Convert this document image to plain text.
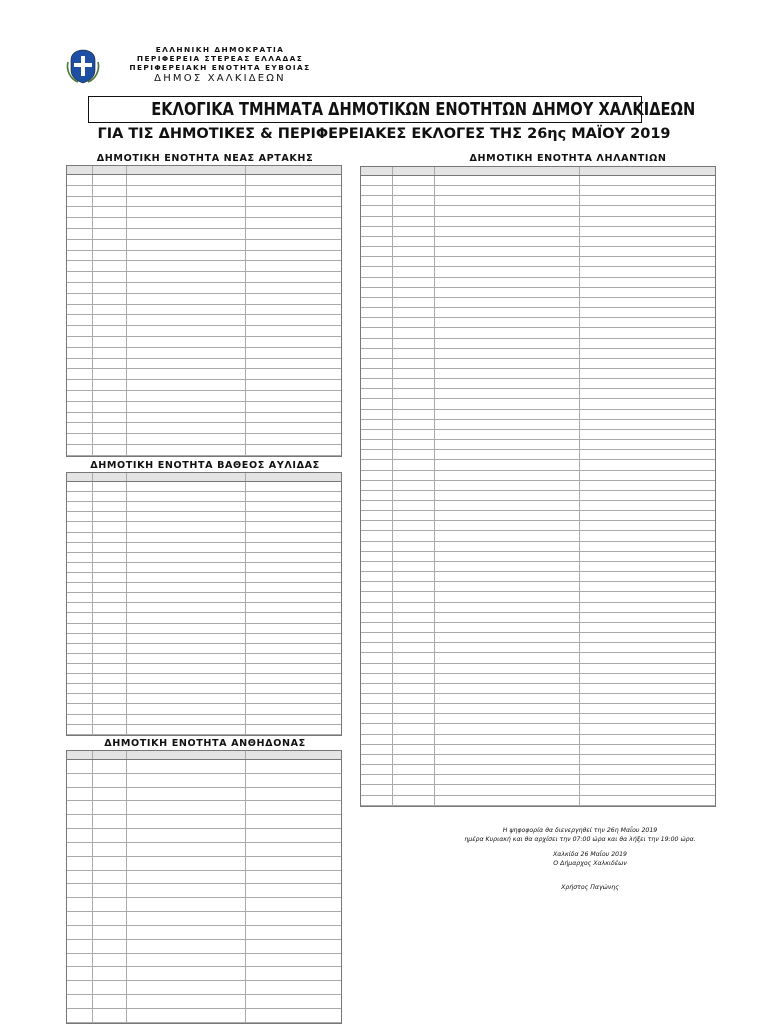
ΕΛΛΗΝΙΚΗ ΔΗΜΟΚΡΑΤΙΑ
ΠΕΡΙΦΕΡΕΙΑ ΣΤΕΡΕΑΣ ΕΛΛΑΔΑΣ
ΠΕΡΙΦΕΡΕΙΑΚΗ ΕΝΟΤΗΤΑ ΕΥΒΟΙΑΣ
ΔΗΜΟΣ ΧΑΛΚΙΔΕΩΝ
ΕΚΛΟΓΙΚΑ ΤΜΗΜΑΤΑ ΔΗΜΟΤΙΚΩΝ ΕΝΟΤΗΤΩΝ ΔΗΜΟΥ ΧΑΛΚΙΔΕΩΝ
ΓΙΑ ΤΙΣ ΔΗΜΟΤΙΚΕΣ & ΠΕΡΙΦΕΡΕΙΑΚΕΣ ΕΚΛΟΓΕΣ ΤΗΣ 26ης ΜΑΪΟΥ 2019
ΔΗΜΟΤΙΚΗ ΕΝΟΤΗΤΑ ΝΕΑΣ ΑΡΤΑΚΗΣ
ΔΗΜΟΤΙΚΗ ΕΝΟΤΗΤΑ ΒΑΘΕΟΣ ΑΥΛΙΔΑΣ
ΔΗΜΟΤΙΚΗ ΕΝΟΤΗΤΑ ΑΝΘΗΔΟΝΑΣ
ΔΗΜΟΤΙΚΗ ΕΝΟΤΗΤΑ ΛΗΛΑΝΤΙΩΝ
Η ψηφοφορία θα διενεργηθεί την 26η Μαΐου 2019
ημέρα Κυριακή και θα αρχίσει την 07:00 ώρα και θα λήξει την 19:00 ώρα.
Χαλκίδα 26 Μαΐου 2019
Ο Δήμαρχος Χαλκιδέων
Χρήστος Παγώνης
